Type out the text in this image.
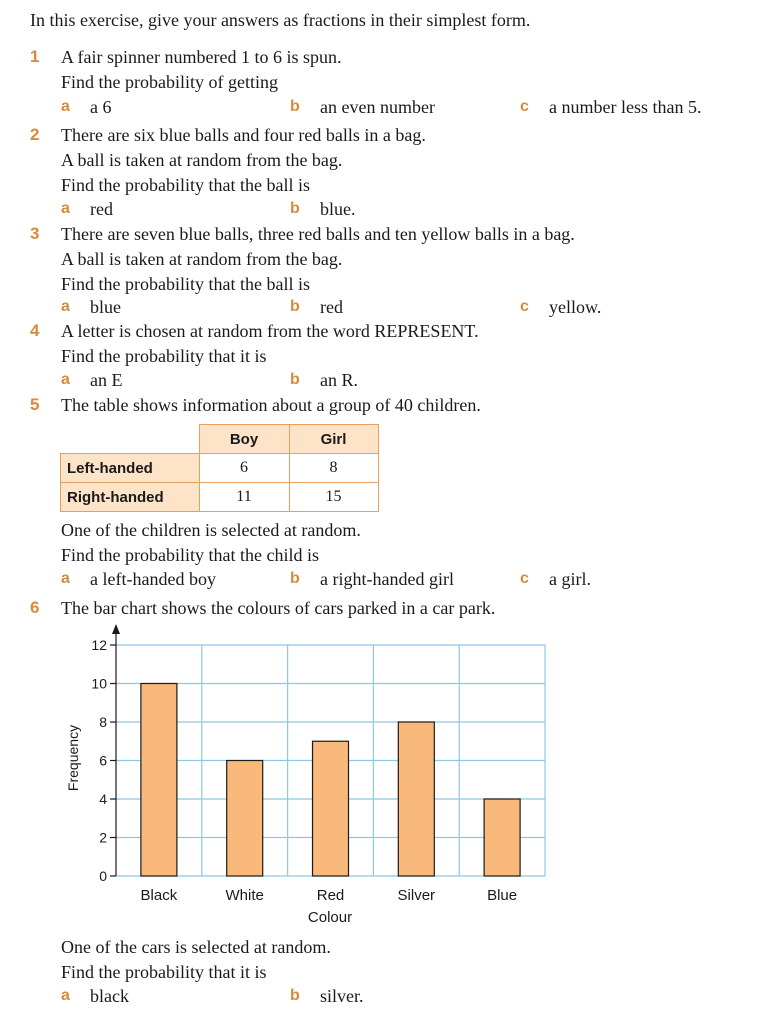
In this exercise, give your answers as fractions in their simplest form.
1 A fair spinner numbered 1 to 6 is spun.
Find the probability of getting
a a 6	b an even number	c a number less than 5.
2 There are six blue balls and four red balls in a bag.
A ball is taken at random from the bag.
Find the probability that the ball is
a red	b blue.
3 There are seven blue balls, three red balls and ten yellow balls in a bag.
A ball is taken at random from the bag.
Find the probability that the ball is
a blue	b red	c yellow.
4 A letter is chosen at random from the word REPRESENT.
Find the probability that it is
a an E	b an R.
5 The table shows information about a group of 40 children.
	Boy	Girl
Left-handed	6	8
Right-handed	11	15
One of the children is selected at random.
Find the probability that the child is
a a left-handed boy	b a right-handed girl	c a girl.
6 The bar chart shows the colours of cars parked in a car park.
Black	White	Red	Silver	Blue
0
2
4
6
8
10
12
Colour
Frequency
One of the cars is selected at random.
Find the probability that it is
a black	b silver.
